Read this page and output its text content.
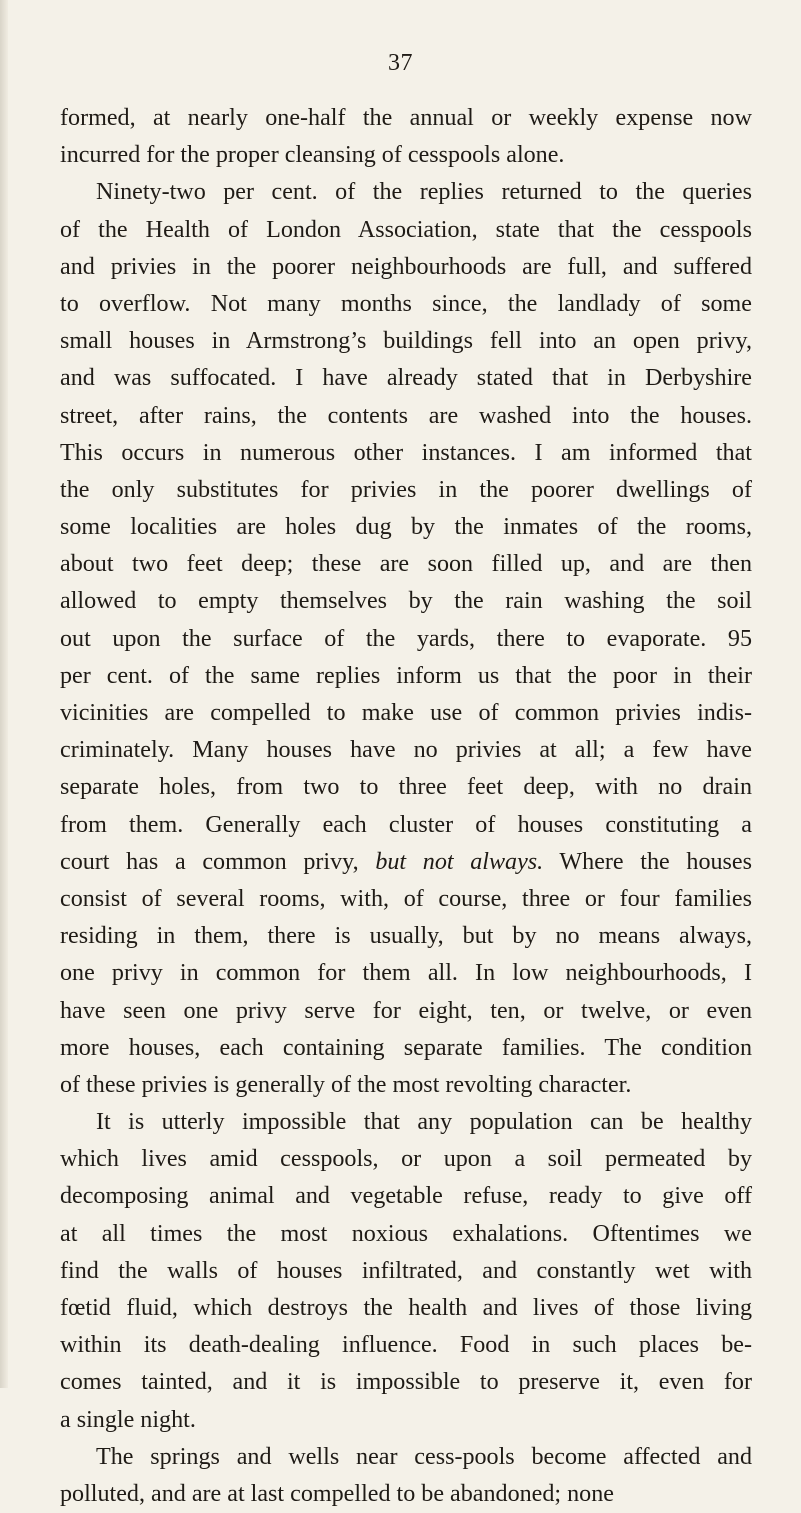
37
formed, at nearly one-half the annual or weekly expense now
incurred for the proper cleansing of cesspools alone.
Ninety-two per cent. of the replies returned to the queries
of the Health of London Association, state that the cesspools
and privies in the poorer neighbourhoods are full, and suffered
to overflow. Not many months since, the landlady of some
small houses in Armstrong’s buildings fell into an open privy,
and was suffocated. I have already stated that in Derbyshire
street, after rains, the contents are washed into the houses.
This occurs in numerous other instances. I am informed that
the only substitutes for privies in the poorer dwellings of
some localities are holes dug by the inmates of the rooms,
about two feet deep; these are soon filled up, and are then
allowed to empty themselves by the rain washing the soil
out upon the surface of the yards, there to evaporate. 95
per cent. of the same replies inform us that the poor in their
vicinities are compelled to make use of common privies indis-
criminately. Many houses have no privies at all; a few have
separate holes, from two to three feet deep, with no drain
from them. Generally each cluster of houses constituting a
court has a common privy, but not always. Where the houses
consist of several rooms, with, of course, three or four families
residing in them, there is usually, but by no means always,
one privy in common for them all. In low neighbourhoods, I
have seen one privy serve for eight, ten, or twelve, or even
more houses, each containing separate families. The condition
of these privies is generally of the most revolting character.
It is utterly impossible that any population can be healthy
which lives amid cesspools, or upon a soil permeated by
decomposing animal and vegetable refuse, ready to give off
at all times the most noxious exhalations. Oftentimes we
find the walls of houses infiltrated, and constantly wet with
fœtid fluid, which destroys the health and lives of those living
within its death-dealing influence. Food in such places be-
comes tainted, and it is impossible to preserve it, even for
a single night.
The springs and wells near cess-pools become affected and
polluted, and are at last compelled to be abandoned; none
